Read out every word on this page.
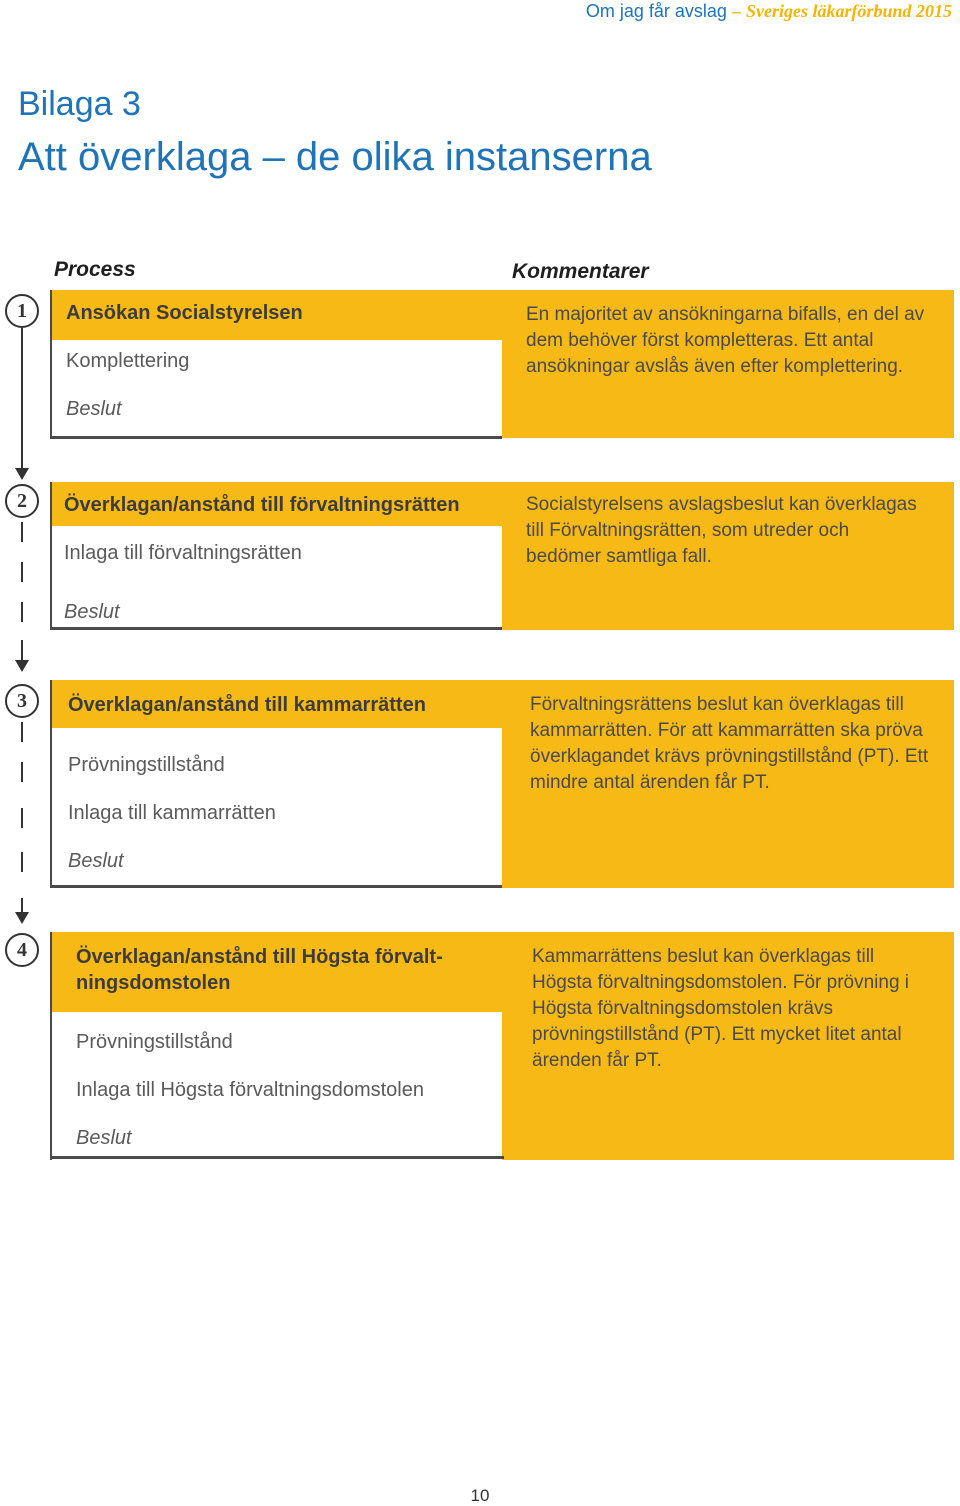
Om jag får avslag – Sveriges läkarförbund 2015
Bilaga 3
Att överklaga – de olika instanserna
Process	Kommentarer
1	Ansökan Socialstyrelsen
Komplettering
Beslut
En majoritet av ansökningarna bifalls, en del av dem behöver först kompletteras. Ett antal ansökningar avslås även efter komplettering.
2	Överklagan/anstånd till förvaltningsrätten
Inlaga till förvaltningsrätten
Beslut
Socialstyrelsens avslagsbeslut kan överklagas till Förvaltningsrätten, som utreder och bedömer samtliga fall.
3	Överklagan/anstånd till kammarrätten
Prövningstillstånd
Inlaga till kammarrätten
Beslut
Förvaltningsrättens beslut kan överklagas till kammarrätten. För att kammarrätten ska pröva överklagandet krävs prövningstillstånd (PT). Ett mindre antal ärenden får PT.
4	Överklagan/anstånd till Högsta förvalt-
ningsdomstolen
Prövningstillstånd
Inlaga till Högsta förvaltningsdomstolen
Beslut
Kammarrättens beslut kan överklagas till Högsta förvaltningsdomstolen. För prövning i Högsta förvaltningsdomstolen krävs prövningstillstånd (PT). Ett mycket litet antal ärenden får PT.
10
